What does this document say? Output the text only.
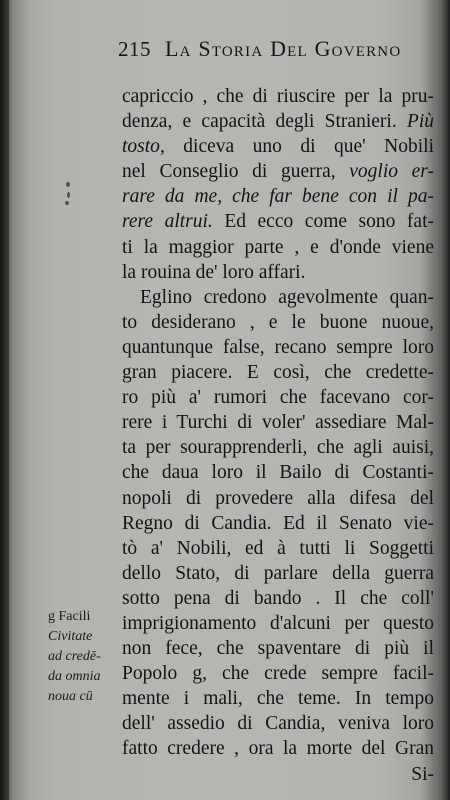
215 La Storia Del Governo
capriccio , che di riuscire per la pru-
denza, e capacità degli Stranieri. Più
tosto, diceva uno di que' Nobili
nel Conseglio di guerra, voglio er-
rare da me, che far bene con il pa-
rere altrui. Ed ecco come sono fat-
ti la maggior parte , e d'onde viene
la rouina de' loro affari.
Eglino credono agevolmente quan-
to desiderano , e le buone nuoue,
quantunque false, recano sempre loro
gran piacere. E così, che credette-
ro più a' rumori che facevano cor-
rere i Turchi di voler' assediare Mal-
ta per sourapprenderli, che agli auisi,
che daua loro il Bailo di Costanti-
nopoli di provedere alla difesa del
Regno di Candia. Ed il Senato vie-
tò a' Nobili, ed à tutti li Soggetti
dello Stato, di parlare della guerra
sotto pena di bando . Il che coll'
imprigionamento d'alcuni per questo
non fece, che spaventare di più il
Popolo g, che crede sempre facil-
mente i mali, che teme. In tempo
dell' assedio di Candia, veniva loro
fatto credere , ora la morte del Gran
Si-
g Facili
Civitate
ad credē-
da omnia
noua cū
